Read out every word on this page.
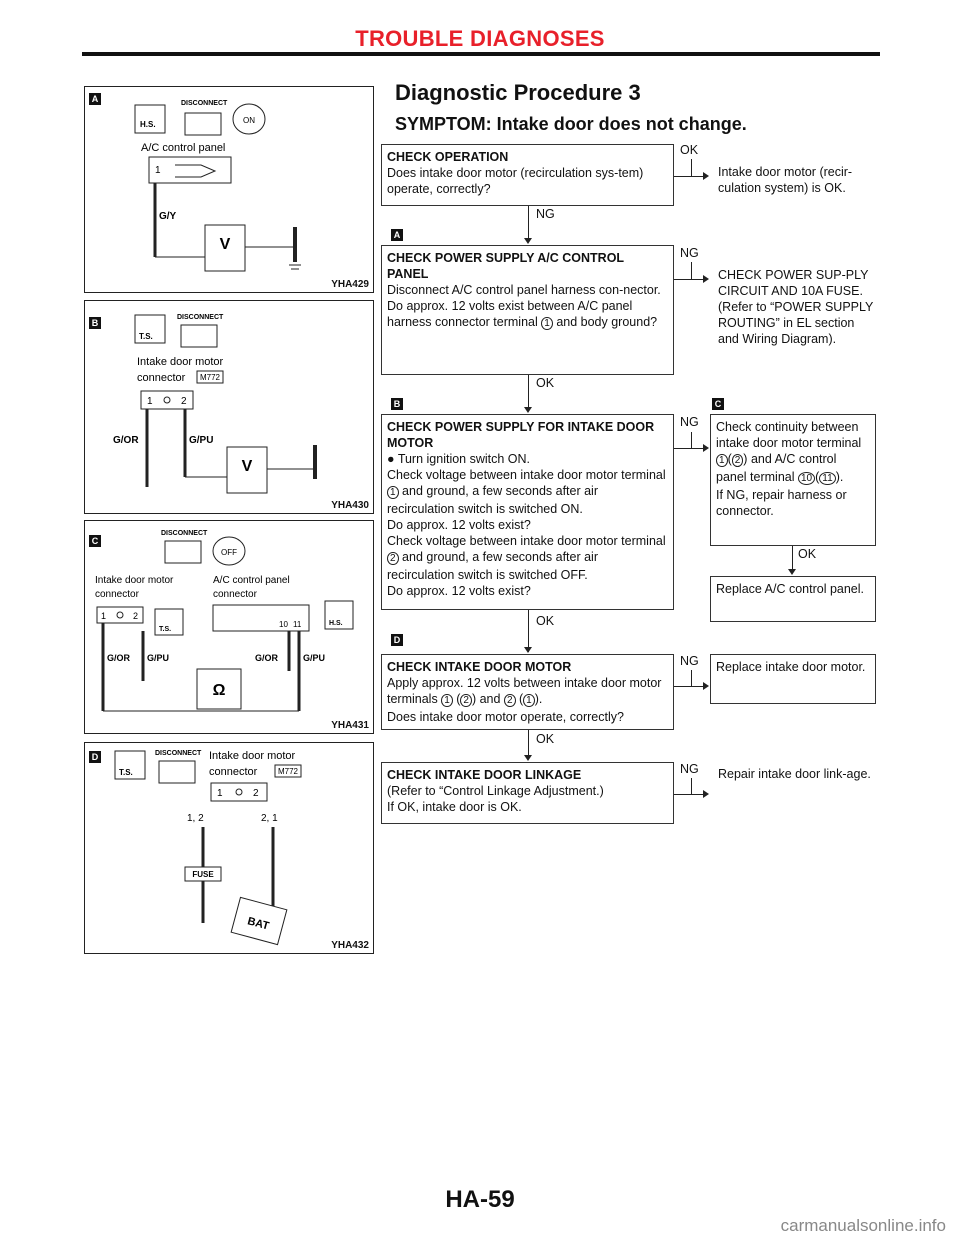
TROUBLE DIAGNOSES
Diagnostic Procedure 3
SYMPTOM: Intake door does not change.
A
H.S.
DISCONNECT
ON
A/C control panel
1
G/Y
V
YHA429
B
T.S.
DISCONNECT
Intake door motor
connector M772
1	2
G/OR	G/PU
V
YHA430
C
DISCONNECT
OFF
Intake door motor
connector
A/C control panel
connector
1	2
T.S.
10 11	H.S.
G/OR G/PU	G/OR	G/PU
Ω
YHA431
D
T.S.
DISCONNECT Intake door motor
connector	M772
1	2
1, 2	2, 1
FUSE
BAT
YHA432
CHECK OPERATION
Does intake door motor (recirculation sys-tem) operate, correctly?
OK
Intake door motor (recir-culation system) is OK.
NG
A
CHECK POWER SUPPLY A/C CONTROL PANEL
Disconnect A/C control panel harness con-nector.
Do approx. 12 volts exist between A/C panel harness connector terminal 1 and body ground?
NG
CHECK POWER SUP-PLY CIRCUIT AND 10A FUSE. (Refer to “POWER SUPPLY ROUTING” in EL section and Wiring Diagram).
OK
B	C
CHECK POWER SUPPLY FOR INTAKE DOOR MOTOR
● Turn ignition switch ON.
Check voltage between intake door motor terminal 1 and ground, a few seconds after air recirculation switch is switched ON.
Do approx. 12 volts exist?
Check voltage between intake door motor terminal 2 and ground, a few seconds after air recirculation switch is switched OFF.
Do approx. 12 volts exist?
NG Check continuity between intake door motor terminal 1 ( 2 ) and A/C control panel terminal 10 ( 11 ).
If NG, repair harness or connector.
OK
Replace A/C control panel.
OK
D
CHECK INTAKE DOOR MOTOR
Apply approx. 12 volts between intake door motor terminals 1 ( 2 ) and 2 ( 1 ).
Does intake door motor operate, correctly?
NG Replace intake door motor.
OK
CHECK INTAKE DOOR LINKAGE
(Refer to “Control Linkage Adjustment.)
If OK, intake door is OK.
NG Repair intake door link-age.
HA-59
carmanualsonline.info
